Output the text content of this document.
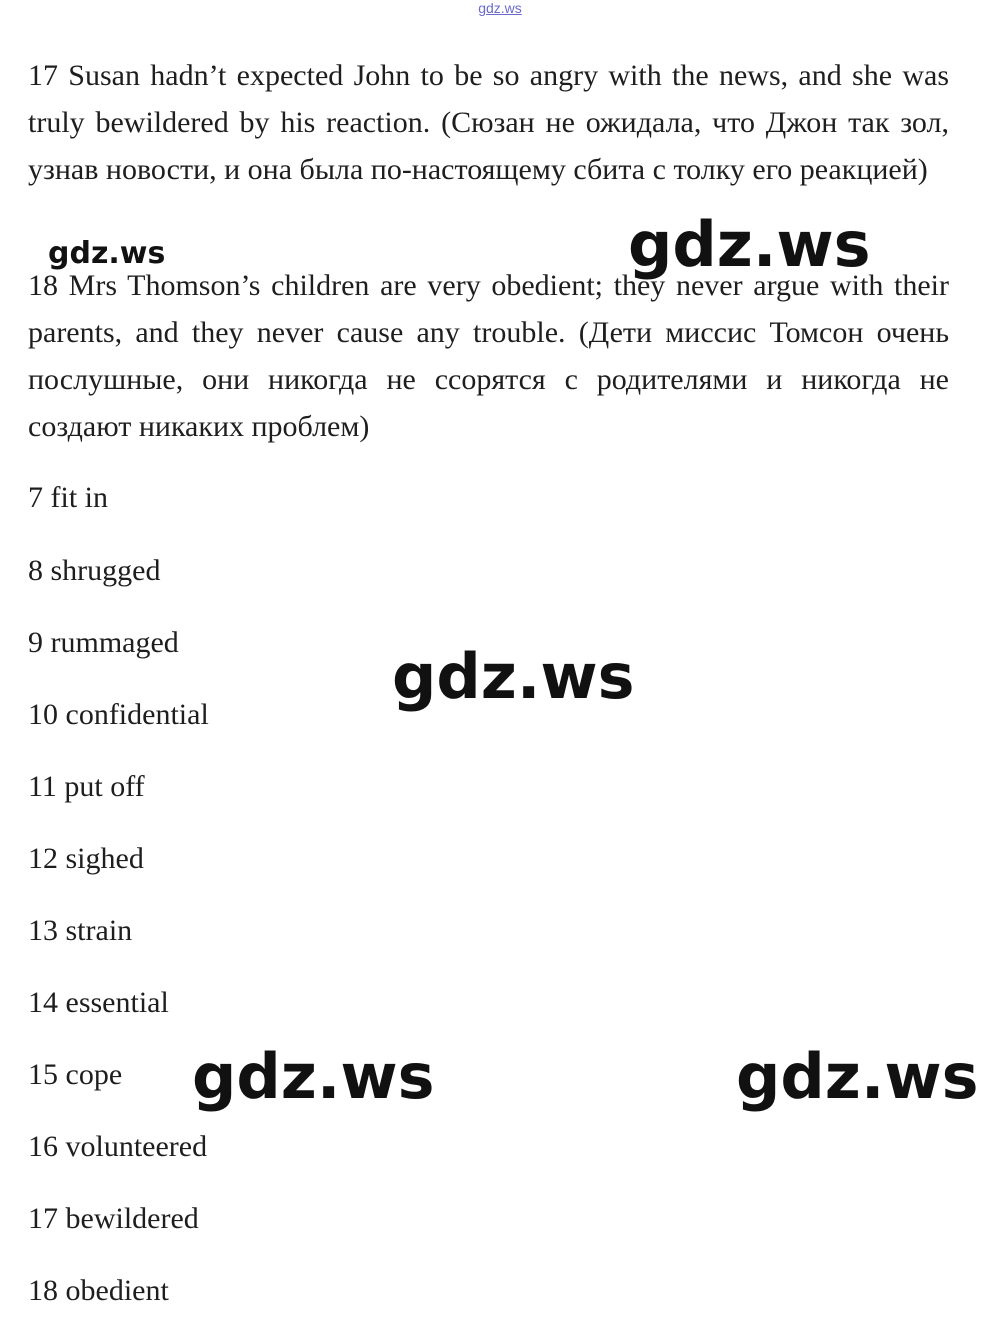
gdz.ws
17 Susan hadn’t expected John to be so angry with the news, and she was truly bewildered by his reaction. (Сюзан не ожидала, что Джон так зол, узнав новости, и она была по-настоящему сбита с толку его реакцией)
gdz.ws	gdz.ws
18 Mrs Thomson’s children are very obedient; they never argue with their parents, and they never cause any trouble. (Дети миссис Томсон очень послушные, они никогда не ссорятся с родителями и никогда не создают никаких проблем)
7 fit in
8 shrugged
9 rummaged
10 confidential
11 put off
12 sighed
13 strain
14 essential
15 cope
16 volunteered
17 bewildered
18 obedient
gdz.ws
gdz.ws	gdz.ws
